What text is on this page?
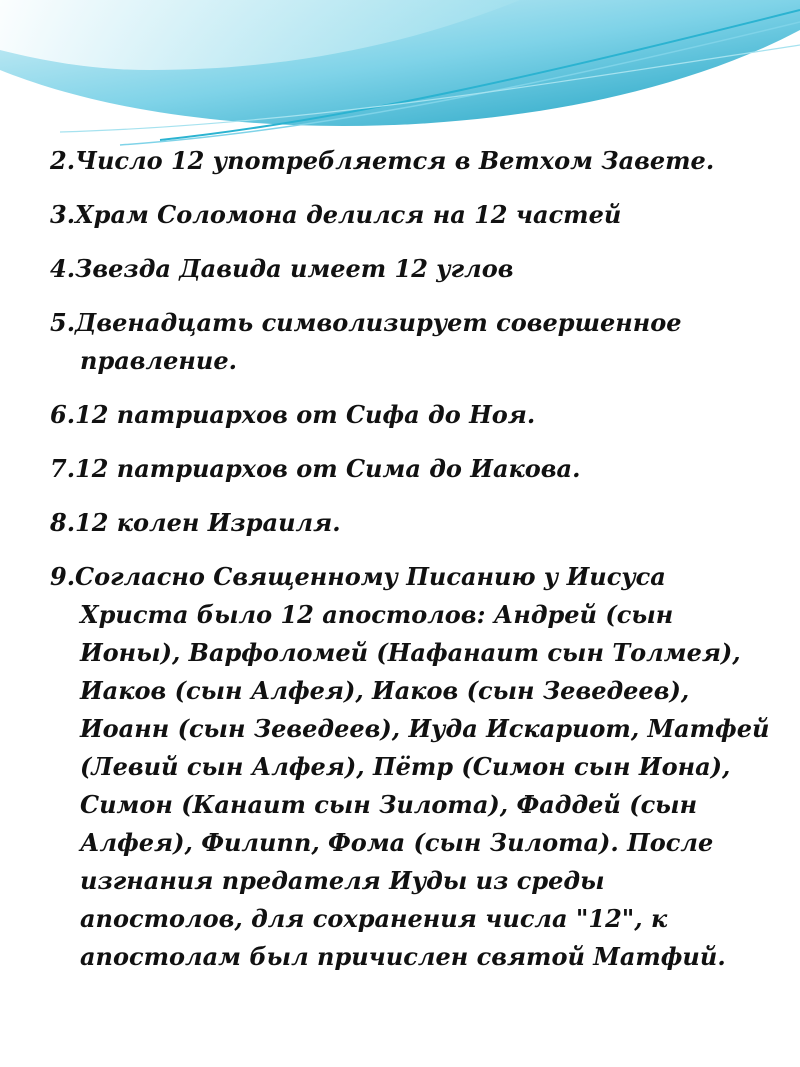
2.Число 12 употребляется в Ветхом Завете.

3.Храм Соломона делился на 12 частей

4.Звезда Давида имеет 12 углов

5.Двенадцать символизирует совершенное правление.

6.12 патриархов от Сифа до Ноя.

7.12 патриархов от Сима до Иакова.

8.12 колен Израиля.

9.Согласно Священному Писанию у Иисуса Христа было 12 апостолов: Андрей (сын Ионы), Варфоломей (Нафанаит сын Толмея), Иаков (сын Алфея), Иаков (сын Зеведеев), Иоанн (сын Зеведеев), Иуда Искариот, Матфей (Левий сын Алфея), Пётр (Симон сын Иона), Симон (Канаит сын Зилота), Фаддей (сын Алфея), Филипп, Фома (сын Зилота). После изгнания предателя Иуды из среды апостолов, для сохранения числа "12", к апостолам был причислен святой Матфий.
